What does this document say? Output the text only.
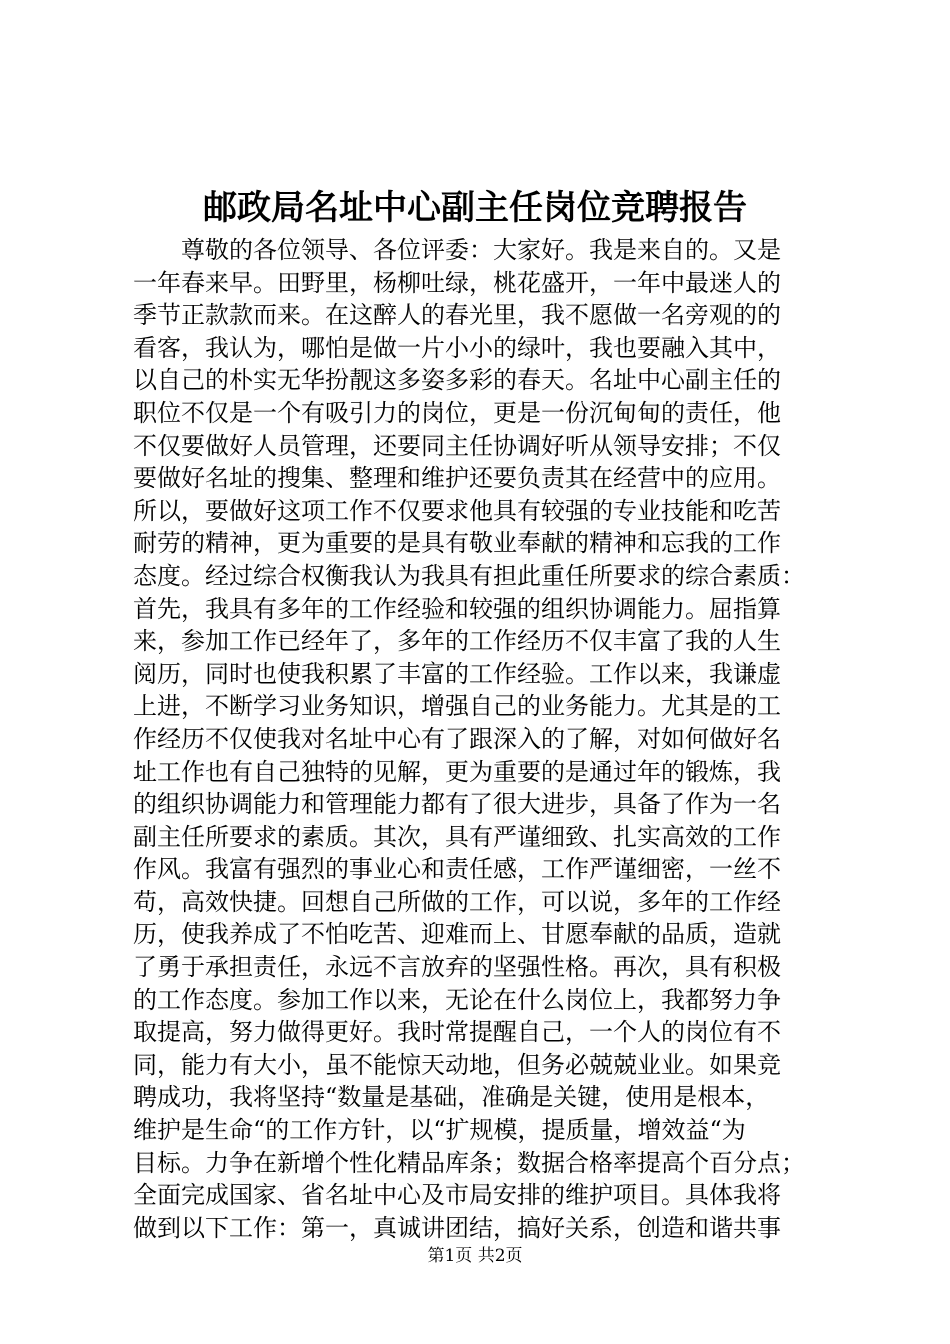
邮政局名址中心副主任岗位竞聘报告
　　尊敬的各位领导、各位评委：大家好。我是来自的。又是
一年春来早。田野里，杨柳吐绿，桃花盛开，一年中最迷人的
季节正款款而来。在这醉人的春光里，我不愿做一名旁观的的
看客，我认为，哪怕是做一片小小的绿叶，我也要融入其中，
以自己的朴实无华扮靓这多姿多彩的春天。名址中心副主任的
职位不仅是一个有吸引力的岗位，更是一份沉甸甸的责任，他
不仅要做好人员管理，还要同主任协调好听从领导安排；不仅
要做好名址的搜集、整理和维护还要负责其在经营中的应用。
所以，要做好这项工作不仅要求他具有较强的专业技能和吃苦
耐劳的精神，更为重要的是具有敬业奉献的精神和忘我的工作
态度。经过综合权衡我认为我具有担此重任所要求的综合素质：
首先，我具有多年的工作经验和较强的组织协调能力。屈指算
来，参加工作已经年了，多年的工作经历不仅丰富了我的人生
阅历，同时也使我积累了丰富的工作经验。工作以来，我谦虚
上进，不断学习业务知识，增强自己的业务能力。尤其是的工
作经历不仅使我对名址中心有了跟深入的了解，对如何做好名
址工作也有自己独特的见解，更为重要的是通过年的锻炼，我
的组织协调能力和管理能力都有了很大进步，具备了作为一名
副主任所要求的素质。其次，具有严谨细致、扎实高效的工作
作风。我富有强烈的事业心和责任感，工作严谨细密，一丝不
苟，高效快捷。回想自己所做的工作，可以说，多年的工作经
历，使我养成了不怕吃苦、迎难而上、甘愿奉献的品质，造就
了勇于承担责任，永远不言放弃的坚强性格。再次，具有积极
的工作态度。参加工作以来，无论在什么岗位上，我都努力争
取提高，努力做得更好。我时常提醒自己，一个人的岗位有不
同，能力有大小，虽不能惊天动地，但务必兢兢业业。如果竞
聘成功，我将坚持“数量是基础，准确是关键，使用是根本，
维护是生命“的工作方针，以“扩规模，提质量，增效益“为
目标。力争在新增个性化精品库条；数据合格率提高个百分点；
全面完成国家、省名址中心及市局安排的维护项目。具体我将
做到以下工作：第一，真诚讲团结，搞好关系，创造和谐共事
第1页 共2页
